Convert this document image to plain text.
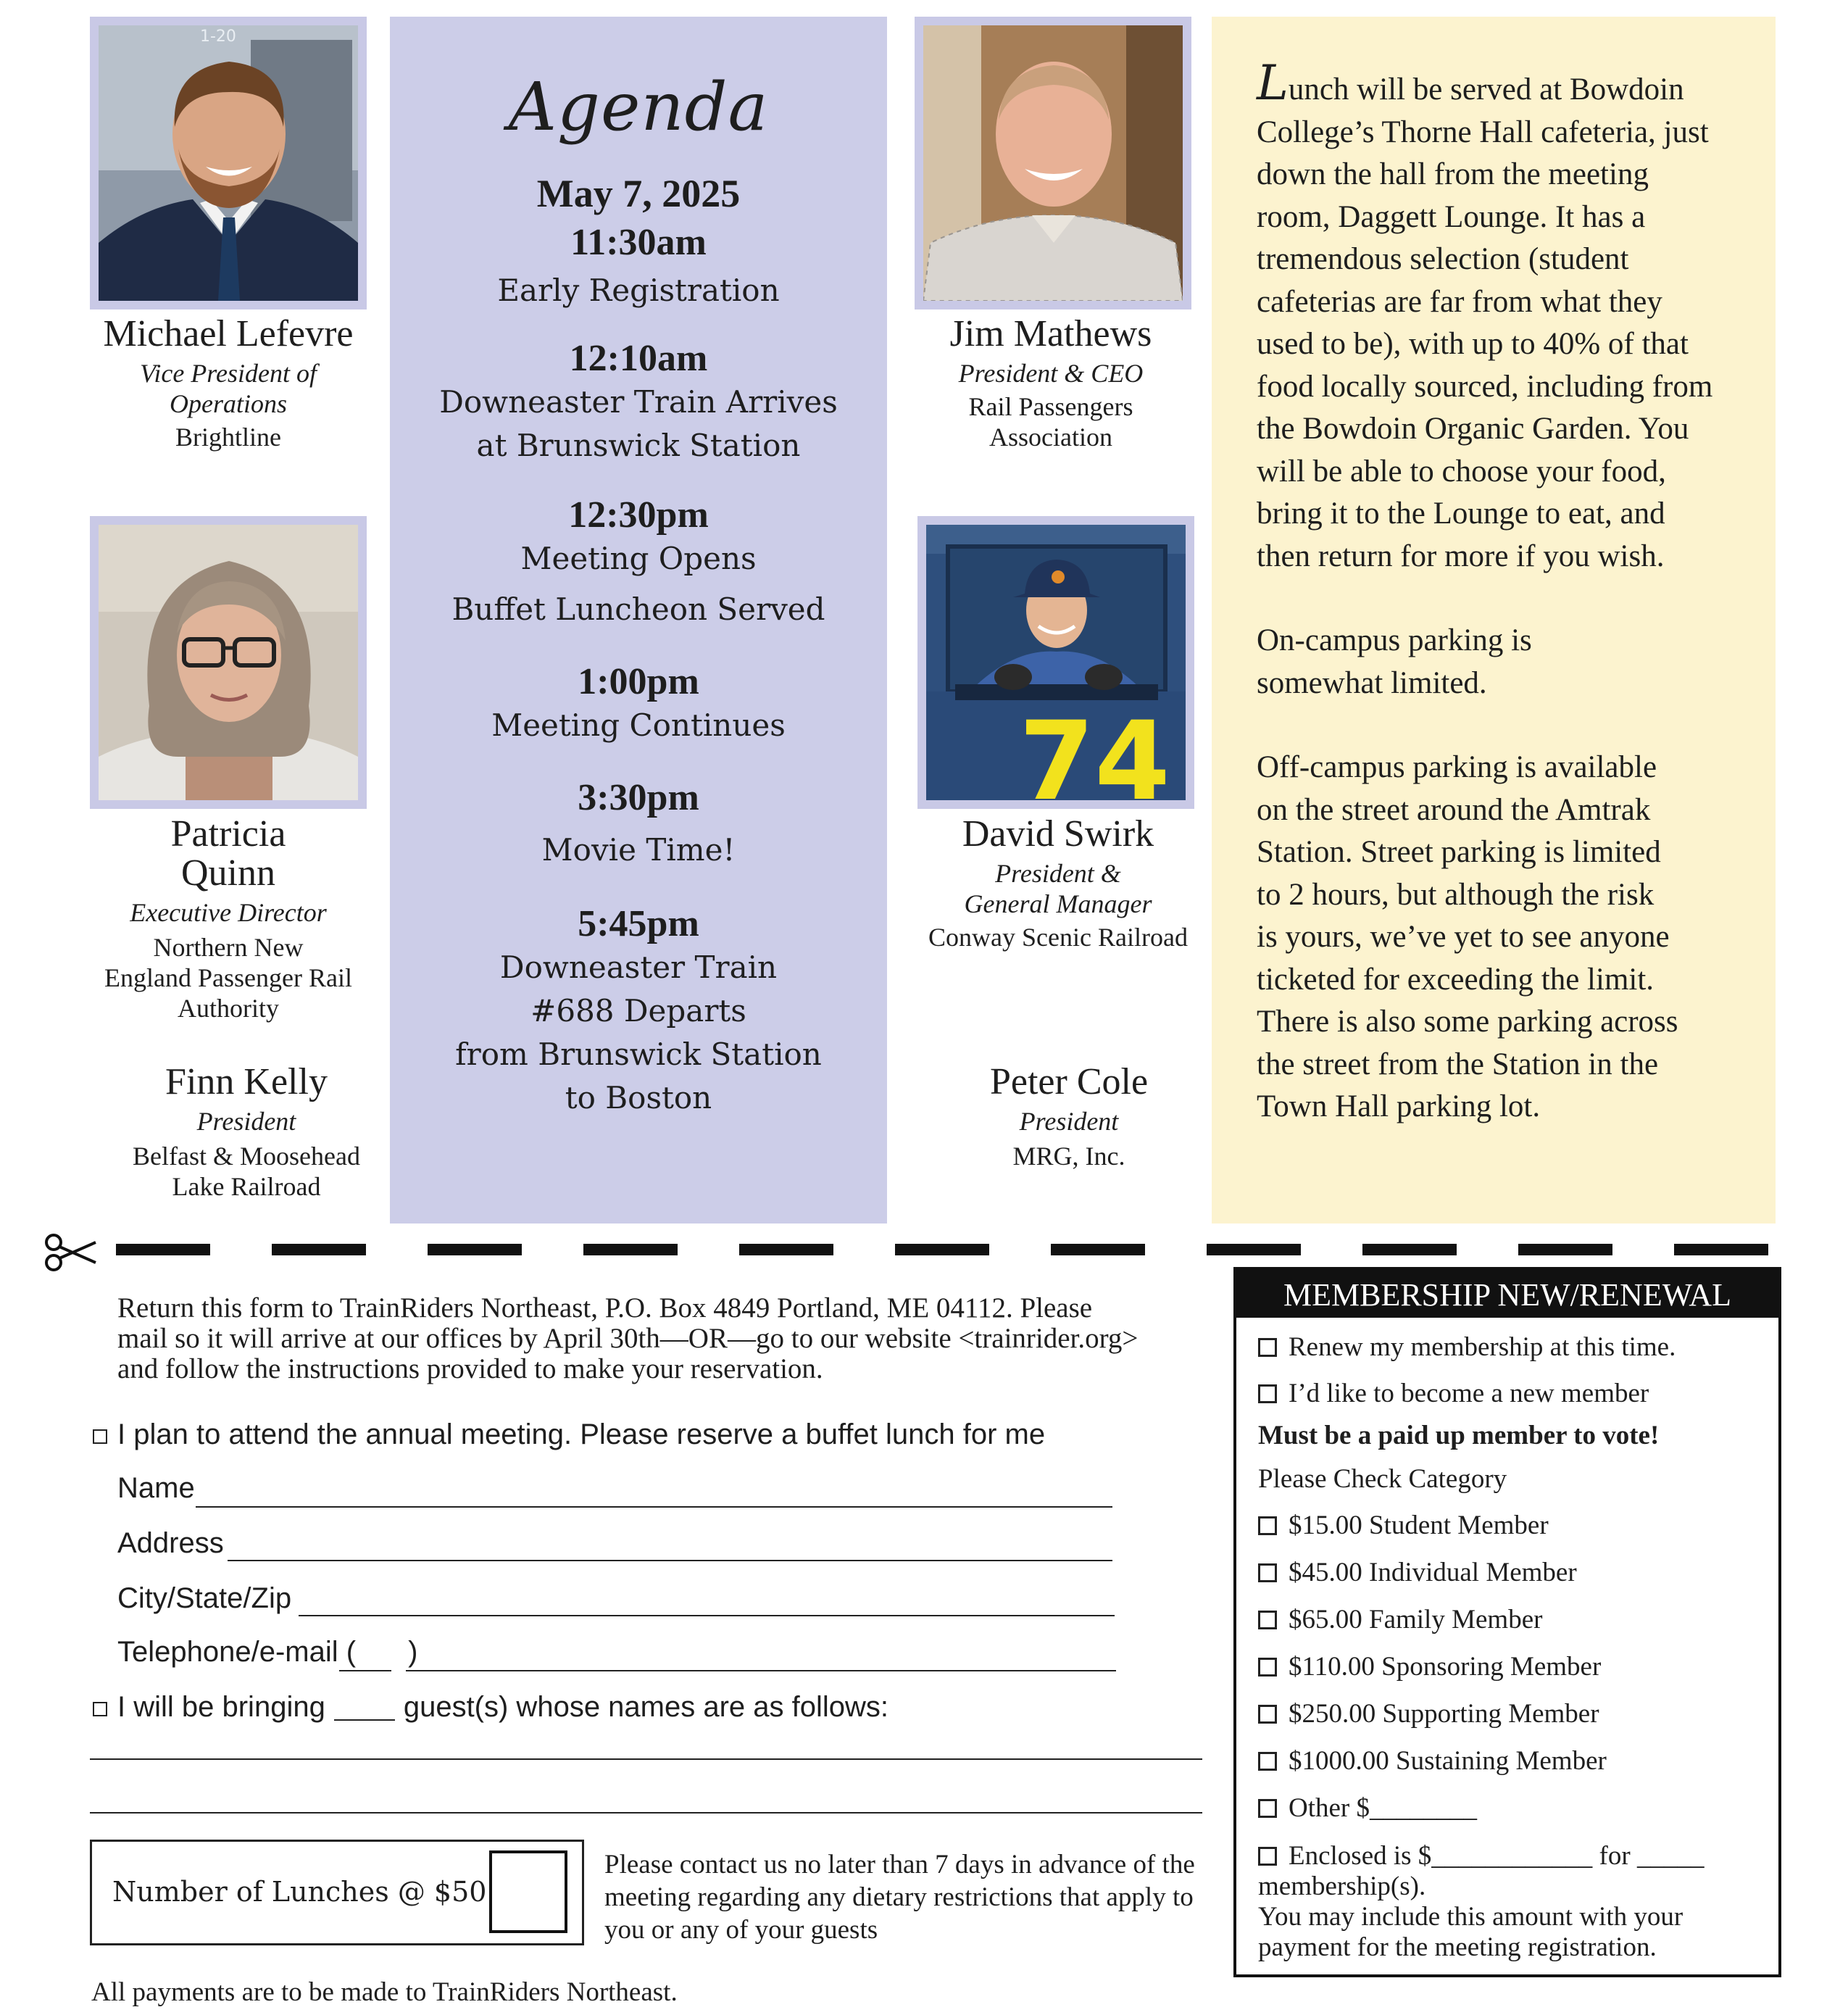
1-20
74
Michael Lefevre
Vice President of
Operations
Brightline
Patricia
Quinn
Executive Director
Northern New
England Passenger Rail
Authority
Finn Kelly
President
Belfast & Moosehead
Lake Railroad
Jim Mathews
President & CEO
Rail Passengers
Association
David Swirk
President &
General Manager
Conway Scenic Railroad
Peter Cole
President
MRG, Inc.
Agenda
May 7, 2025
11:30am
Early Registration
12:10am
Downeaster Train Arrives
at Brunswick Station
12:30pm
Meeting Opens
Buffet Luncheon Served
1:00pm
Meeting Continues
3:30pm
Movie Time!
5:45pm
Downeaster Train
#688 Departs
from Brunswick Station
to Boston

Lunch will be served at Bowdoin
College’s Thorne Hall cafeteria, just
down the hall from the meeting
room, Daggett Lounge. It has a
tremendous selection (student
cafeterias are far from what they
used to be), with up to 40% of that
food locally sourced, including from
the Bowdoin Organic Garden. You
will be able to choose your food,
bring it to the Lounge to eat, and
then return for more if you wish.

On-campus parking is
somewhat limited.

Off-campus parking is available
on the street around the Amtrak
Station. Street parking is limited
to 2 hours, but although the risk
is yours, we’ve yet to see anyone
ticketed for exceeding the limit.
There is also some parking across
the street from the Station in the
Town Hall parking lot.

Return this form to TrainRiders Northeast, P.O. Box 4849 Portland, ME 04112. Please
mail so it will arrive at our offices by April 30th—OR—go to our website <trainrider.org>
and follow the instructions provided to make your reservation.
I plan to attend the annual meeting. Please reserve a buffet lunch for me
Name
Address
City/State/Zip
Telephone/e-mail ( )
I will be bringing	guest(s) whose names are as follows:
Number of Lunches @ $50
Please contact us no later than 7 days in advance of the
meeting regarding any dietary restrictions that apply to
you or any of your guests
All payments are to be made to TrainRiders Northeast.
MEMBERSHIP NEW/RENEWAL
Renew my membership at this time.
I’d like to become a new member
Must be a paid up member to vote!
Please Check Category
$15.00 Student Member
$45.00 Individual Member
$65.00 Family Member
$110.00 Sponsoring Member
$250.00 Supporting Member
$1000.00 Sustaining Member
Other $________
Enclosed is $____________ for _____
membership(s).
You may include this amount with your
payment for the meeting registration.
